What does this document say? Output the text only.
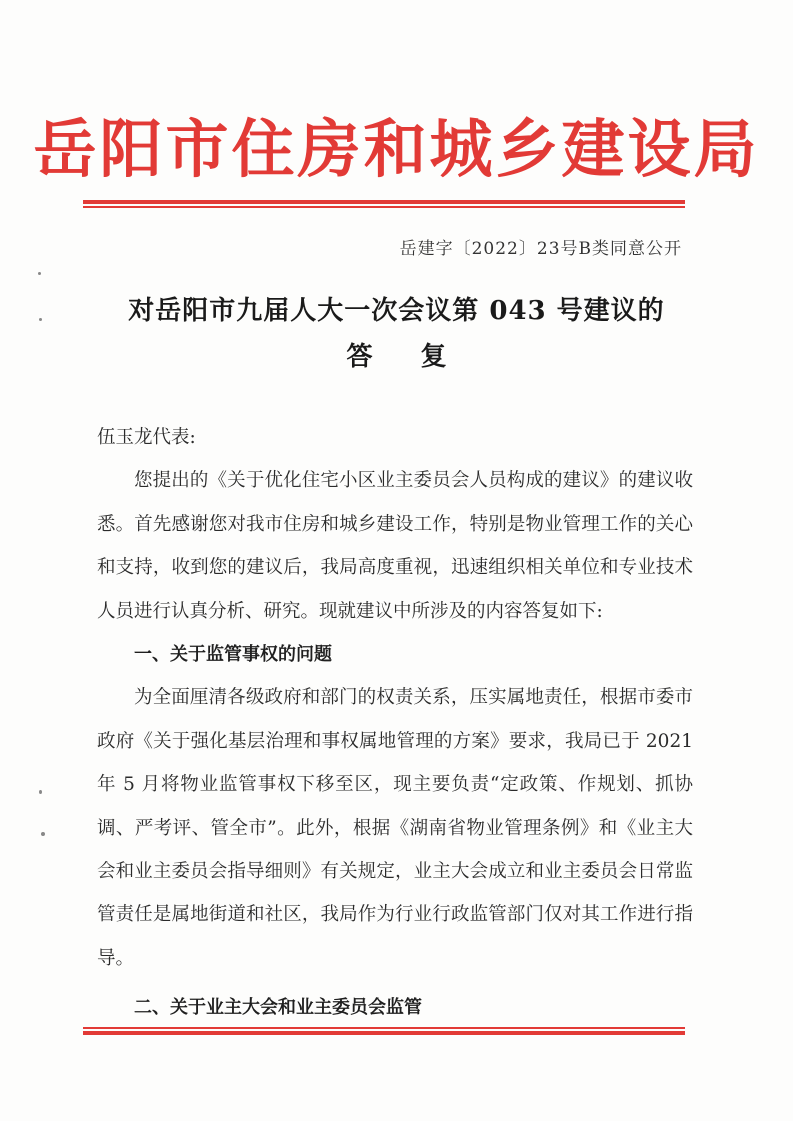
岳阳市住房和城乡建设局
岳建字〔2022〕23号B类同意公开
对岳阳市九届人大一次会议第 043 号建议的
答复

伍玉龙代表:

您提出的《关于优化住宅小区业主委员会人员构成的建议》的建议收悉。首先感谢您对我市住房和城乡建设工作，特别是物业管理工作的关心和支持，收到您的建议后，我局高度重视，迅速组织相关单位和专业技术人员进行认真分析、研究。现就建议中所涉及的内容答复如下:

一、关于监管事权的问题

为全面厘清各级政府和部门的权责关系，压实属地责任，根据市委市政府《关于强化基层治理和事权属地管理的方案》要求，我局已于 2021 年 5 月将物业监管事权下移至区，现主要负责“定政策、作规划、抓协调、严考评、管全市”。此外，根据《湖南省物业管理条例》和《业主大会和业主委员会指导细则》有关规定，业主大会成立和业主委员会日常监管责任是属地街道和社区，我局作为行业行政监管部门仅对其工作进行指导。

二、关于业主大会和业主委员会监管
